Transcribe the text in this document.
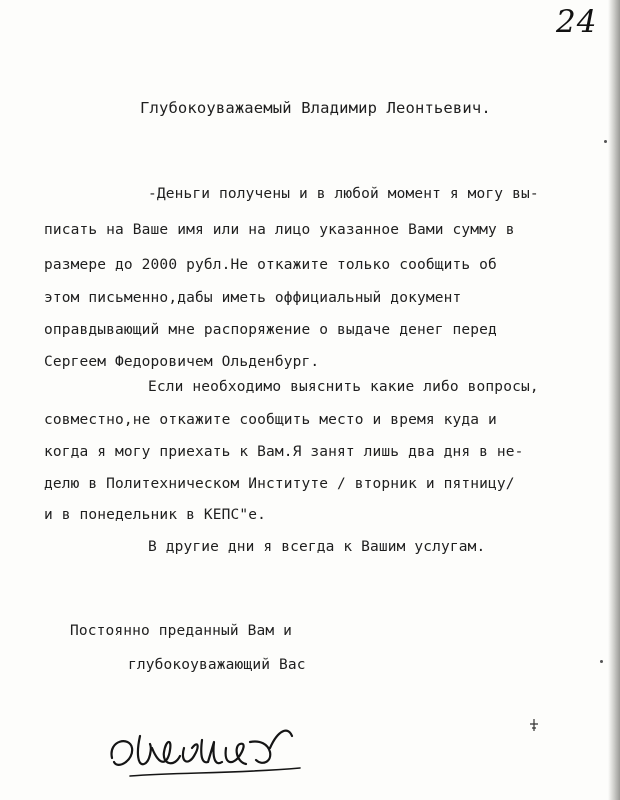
24
Глубокоуважаемый Владимир Леонтьевич.
-Деньги получены и в любой момент я могу вы-
писать на Ваше имя или на лицо указанное Вами сумму в
размере до 2000 рубл.Не откажите только сообщить об
этом письменно,дабы иметь оффициальный документ
оправдывающий мне распоряжение о выдаче денег перед
Сергеем Федоровичем Ольденбург.
Если необходимо выяснить какие либо вопросы,
совместно,не откажите сообщить место и время куда и
когда я могу приехать к Вам.Я занят лишь два дня в не-
делю в Политехническом Институте / вторник и пятницу/
и в понедельник в КЕПС"е.
В другие дни я всегда к Вашим услугам.
Постоянно преданный Вам и
глубокоуважающий Вас
